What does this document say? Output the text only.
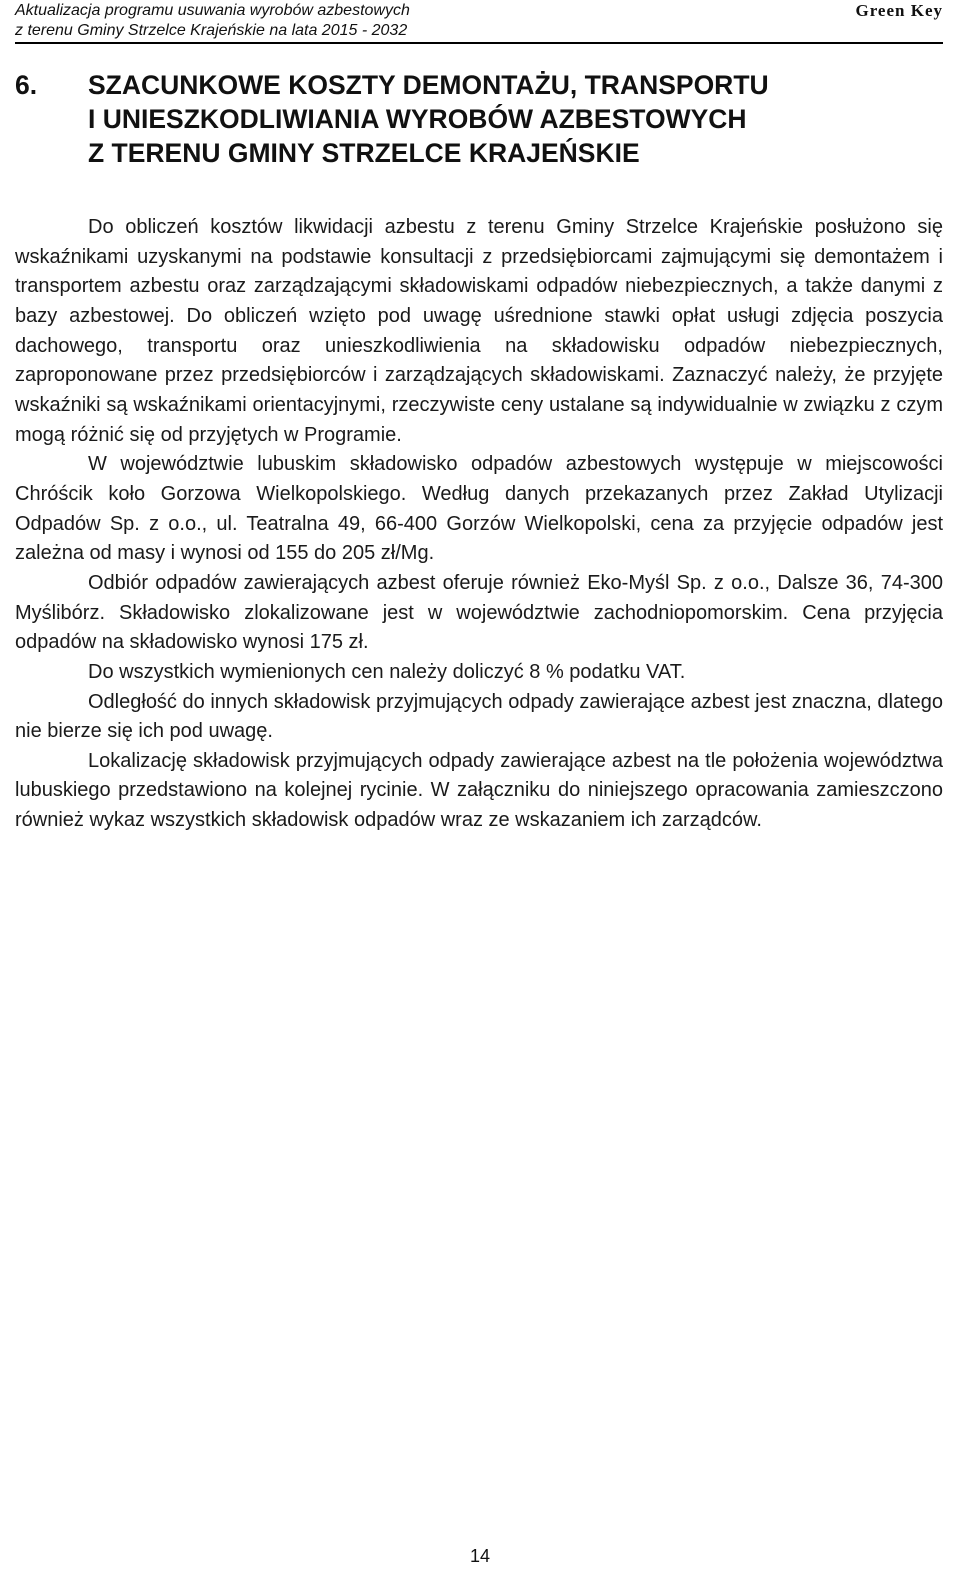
Aktualizacja programu usuwania wyrobów azbestowych
z terenu Gminy Strzelce Krajeńskie na lata 2015 - 2032
Green Key
6.	SZACUNKOWE KOSZTY DEMONTAŻU, TRANSPORTU
I UNIESZKODLIWIANIA WYROBÓW AZBESTOWYCH
Z TERENU GMINY STRZELCE KRAJEŃSKIE

Do obliczeń kosztów likwidacji azbestu z terenu Gminy Strzelce Krajeńskie posłużono się wskaźnikami uzyskanymi na podstawie konsultacji z przedsiębiorcami zajmującymi się demontażem i transportem azbestu oraz zarządzającymi składowiskami odpadów niebezpiecznych, a także danymi z bazy azbestowej. Do obliczeń wzięto pod uwagę uśrednione stawki opłat usługi zdjęcia poszycia dachowego, transportu oraz unieszkodliwienia na składowisku odpadów niebezpiecznych, zaproponowane przez przedsiębiorców i zarządzających składowiskami. Zaznaczyć należy, że przyjęte wskaźniki są wskaźnikami orientacyjnymi, rzeczywiste ceny ustalane są indywidualnie w związku z czym mogą różnić się od przyjętych w Programie.

W województwie lubuskim składowisko odpadów azbestowych występuje w miejscowości Chróścik koło Gorzowa Wielkopolskiego. Według danych przekazanych przez Zakład Utylizacji Odpadów Sp. z o.o., ul. Teatralna 49, 66-400 Gorzów Wielkopolski, cena za przyjęcie odpadów jest zależna od masy i wynosi od 155 do 205 zł/Mg.

Odbiór odpadów zawierających azbest oferuje również Eko-Myśl Sp. z o.o., Dalsze 36, 74-300 Myślibórz. Składowisko zlokalizowane jest w województwie zachodniopomorskim. Cena przyjęcia odpadów na składowisko wynosi 175 zł.

Do wszystkich wymienionych cen należy doliczyć 8 % podatku VAT.

Odległość do innych składowisk przyjmujących odpady zawierające azbest jest znaczna, dlatego nie bierze się ich pod uwagę.

Lokalizację składowisk przyjmujących odpady zawierające azbest na tle położenia województwa lubuskiego przedstawiono na kolejnej rycinie. W załączniku do niniejszego opracowania zamieszczono również wykaz wszystkich składowisk odpadów wraz ze wskazaniem ich zarządców.

14
